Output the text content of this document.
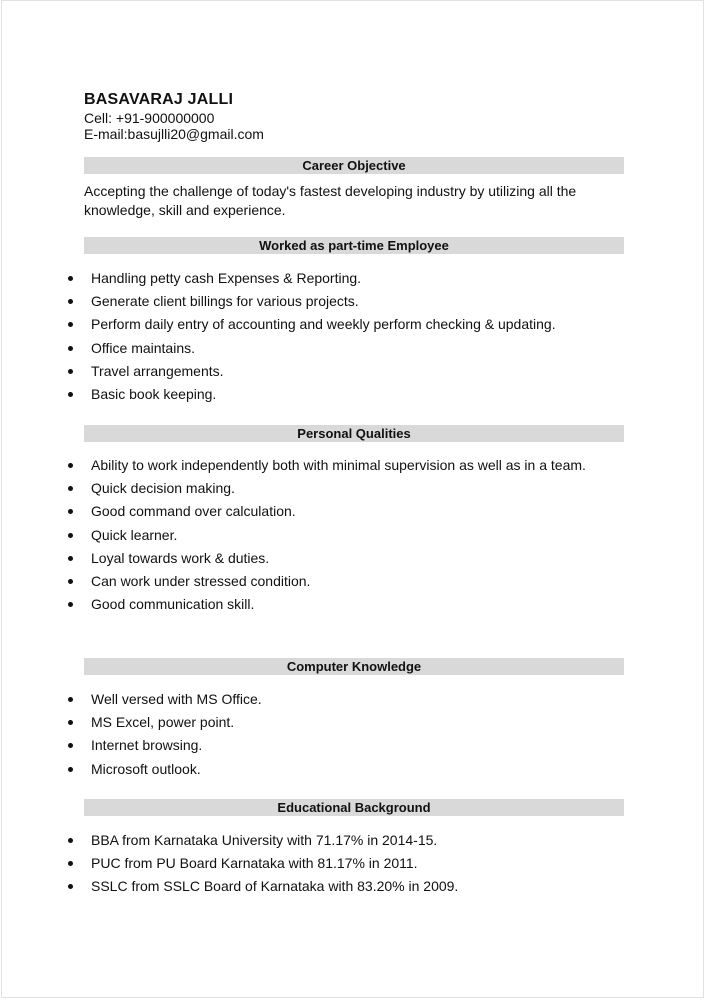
BASAVARAJ JALLI
Cell: +91-900000000
E-mail:basujlli20@gmail.com
Career Objective

Accepting the challenge of today's fastest developing industry by utilizing all the knowledge, skill and experience.

Worked as part-time Employee
Handling petty cash Expenses & Reporting.
Generate client billings for various projects.
Perform daily entry of accounting and weekly perform checking & updating.
Office maintains.
Travel arrangements.
Basic book keeping.
Personal Qualities
Ability to work independently both with minimal supervision as well as in a team.
Quick decision making.
Good command over calculation.
Quick learner.
Loyal towards work & duties.
Can work under stressed condition.
Good communication skill.
Computer Knowledge
Well versed with MS Office.
MS Excel, power point.
Internet browsing.
Microsoft outlook.
Educational Background
BBA from Karnataka University with 71.17% in 2014-15.
PUC from PU Board Karnataka with 81.17% in 2011.
SSLC from SSLC Board of Karnataka with 83.20% in 2009.
